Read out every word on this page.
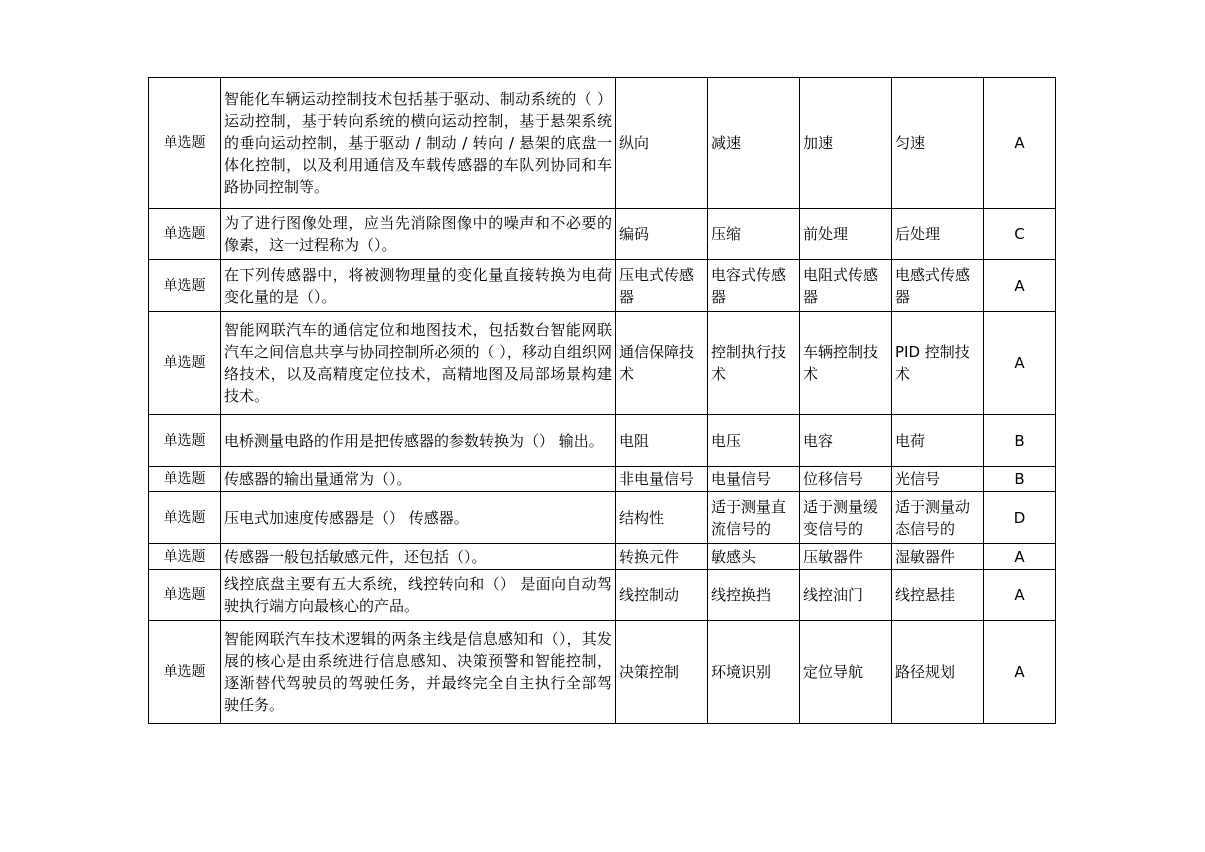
单选题	智能化车辆运动控制技术包括基于驱动、制动系统的（ ）运动控制，基于转向系统的横向运动控制，基于悬架系统的垂向运动控制，基于驱动 / 制动 / 转向 / 悬架的底盘一体化控制，以及利用通信及车载传感器的车队列协同和车路协同控制等。	纵向	减速	加速	匀速	A
单选题	为了进行图像处理，应当先消除图像中的噪声和不必要的像素，这一过程称为（）。	编码	压缩	前处理	后处理	C
单选题	在下列传感器中，将被测物理量的变化量直接转换为电荷变化量的是（）。	压电式传感器	电容式传感器	电阻式传感器	电感式传感器	A
单选题	智能网联汽车的通信定位和地图技术，包括数台智能网联汽车之间信息共享与协同控制所必须的（ ），移动自组织网络技术，以及高精度定位技术，高精地图及局部场景构建技术。	通信保障技术	控制执行技术	车辆控制技术	PID 控制技术	A
单选题	电桥测量电路的作用是把传感器的参数转换为（） 输出。	电阻	电压	电容	电荷	B
单选题	传感器的输出量通常为（）。	非电量信号	电量信号	位移信号	光信号	B
单选题	压电式加速度传感器是（） 传感器。	结构性	适于测量直流信号的	适于测量缓变信号的	适于测量动态信号的	D
单选题	传感器一般包括敏感元件，还包括（）。	转换元件	敏感头	压敏器件	湿敏器件	A
单选题	线控底盘主要有五大系统，线控转向和（） 是面向自动驾驶执行端方向最核心的产品。	线控制动	线控换挡	线控油门	线控悬挂	A
单选题	智能网联汽车技术逻辑的两条主线是信息感知和（），其发展的核心是由系统进行信息感知、决策预警和智能控制，逐渐替代驾驶员的驾驶任务，并最终完全自主执行全部驾驶任务。	决策控制	环境识别	定位导航	路径规划	A
